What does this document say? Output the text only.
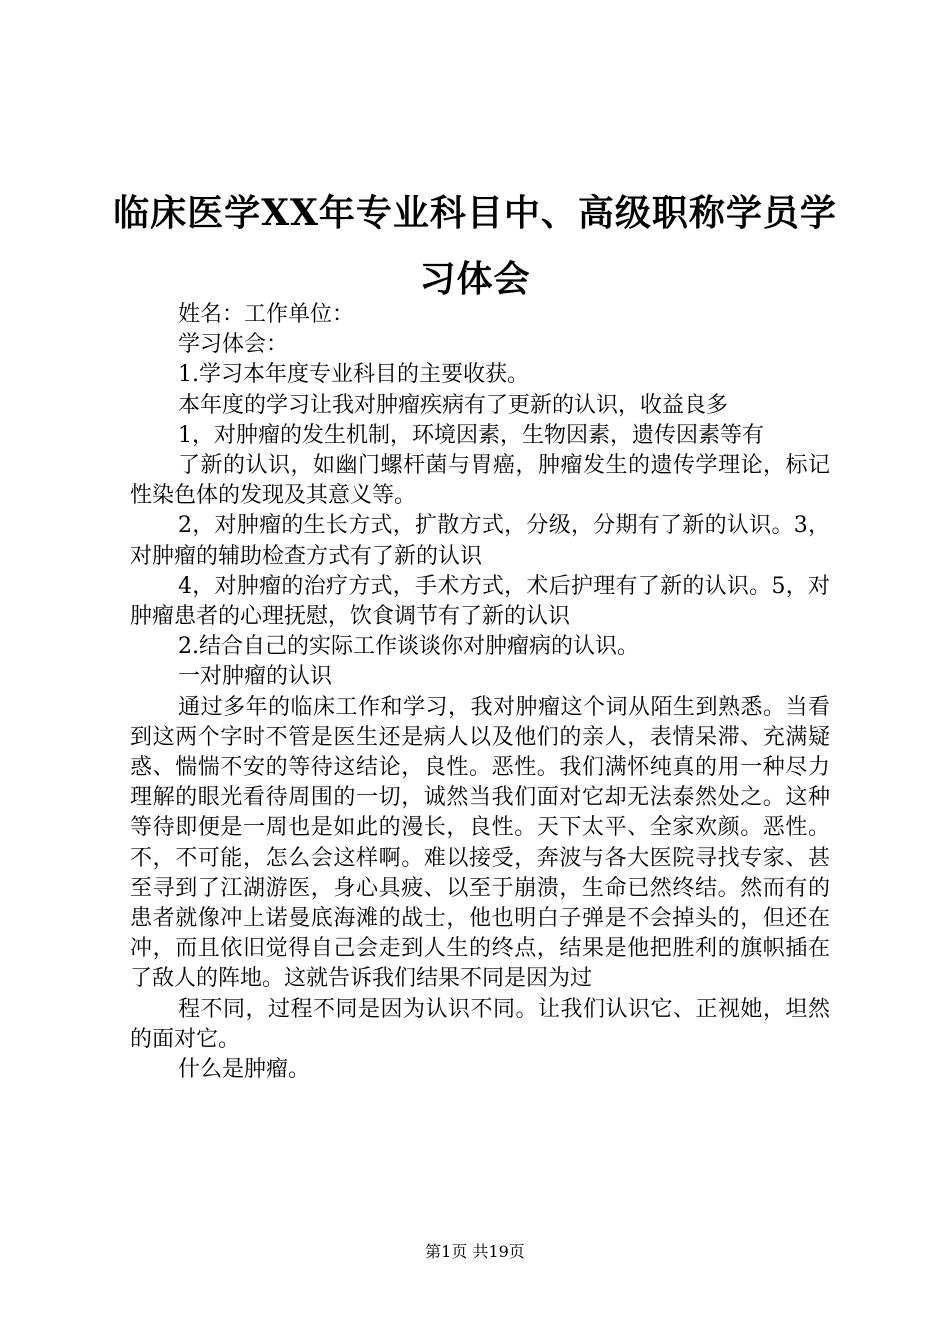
临床医学XX年专业科目中、高级职称学员学习体会

姓名：工作单位：

学习体会：

1.学习本年度专业科目的主要收获。

本年度的学习让我对肿瘤疾病有了更新的认识，收益良多

1，对肿瘤的发生机制，环境因素，生物因素，遗传因素等有

了新的认识，如幽门螺杆菌与胃癌，肿瘤发生的遗传学理论，标记性染色体的发现及其意义等。

2，对肿瘤的生长方式，扩散方式，分级，分期有了新的认识。3，对肿瘤的辅助检查方式有了新的认识

4，对肿瘤的治疗方式，手术方式，术后护理有了新的认识。5，对肿瘤患者的心理抚慰，饮食调节有了新的认识

2.结合自己的实际工作谈谈你对肿瘤病的认识。

一对肿瘤的认识

通过多年的临床工作和学习，我对肿瘤这个词从陌生到熟悉。当看到这两个字时不管是医生还是病人以及他们的亲人，表情呆滞、充满疑惑、惴惴不安的等待这结论，良性。恶性。我们满怀纯真的用一种尽力理解的眼光看待周围的一切，诚然当我们面对它却无法泰然处之。这种等待即便是一周也是如此的漫长，良性。天下太平、全家欢颜。恶性。不，不可能，怎么会这样啊。难以接受，奔波与各大医院寻找专家、甚至寻到了江湖游医，身心具疲、以至于崩溃，生命已然终结。然而有的患者就像冲上诺曼底海滩的战士，他也明白子弹是不会掉头的，但还在冲，而且依旧觉得自己会走到人生的终点，结果是他把胜利的旗帜插在了敌人的阵地。这就告诉我们结果不同是因为过

程不同，过程不同是因为认识不同。让我们认识它、正视她，坦然的面对它。

什么是肿瘤。

第1页 共19页
